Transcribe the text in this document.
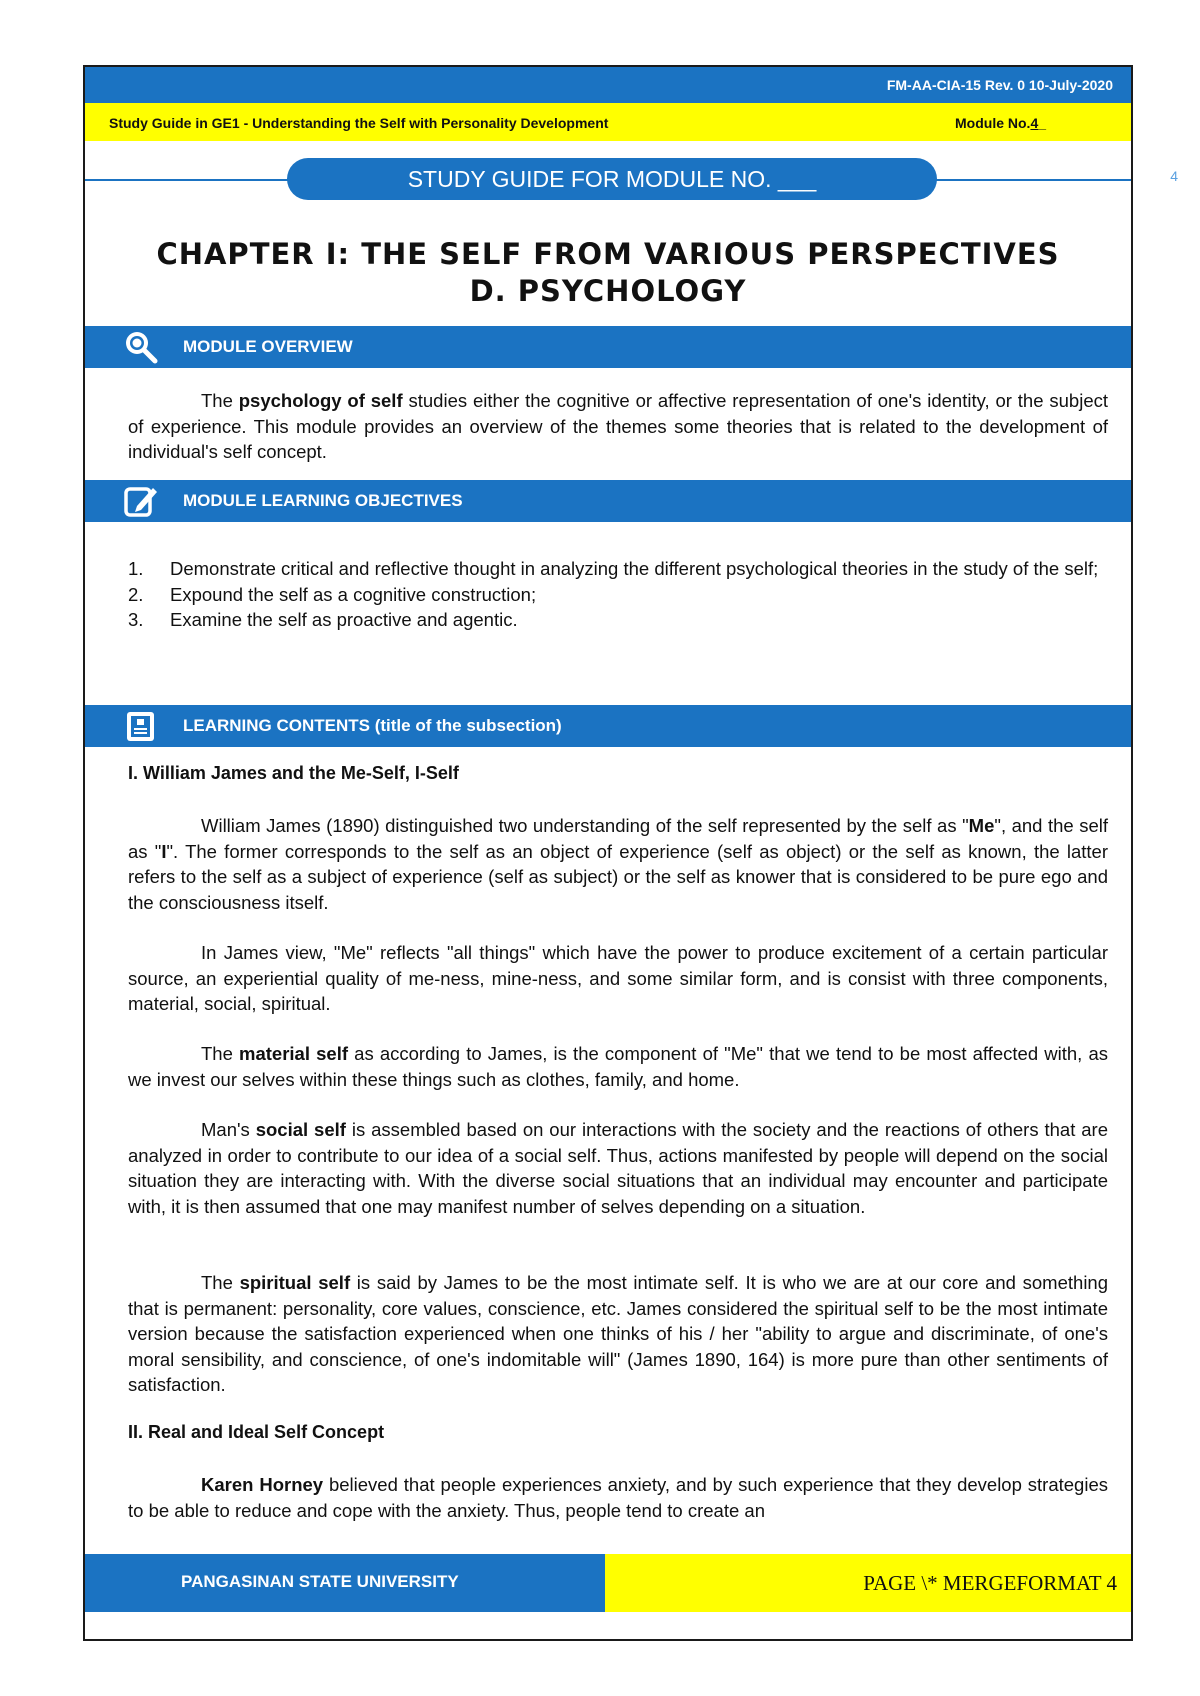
FM-AA-CIA-15 Rev. 0 10-July-2020
Study Guide in GE1 - Understanding the Self with Personality Development	Module No.4_
STUDY GUIDE FOR MODULE NO. ___	4
CHAPTER I: THE SELF FROM VARIOUS PERSPECTIVES
D. PSYCHOLOGY
MODULE OVERVIEW

The psychology of self studies either the cognitive or affective representation of one's identity, or the subject of experience. This module provides an overview of the themes some theories that is related to the development of individual's self concept.

MODULE LEARNING OBJECTIVES
1. Demonstrate critical and reflective thought in analyzing the different psychological theories in the study of the self;
2. Expound the self as a cognitive construction;
3. Examine the self as proactive and agentic.
LEARNING CONTENTS (title of the subsection)

I. William James and the Me-Self, I-Self

William James (1890) distinguished two understanding of the self represented by the self as "Me", and the self as "I". The former corresponds to the self as an object of experience (self as object) or the self as known, the latter refers to the self as a subject of experience (self as subject) or the self as knower that is considered to be pure ego and the consciousness itself.

In James view, "Me" reflects "all things" which have the power to produce excitement of a certain particular source, an experiential quality of me-ness, mine-ness, and some similar form, and is consist with three components, material, social, spiritual.

The material self as according to James, is the component of "Me" that we tend to be most affected with, as we invest our selves within these things such as clothes, family, and home.

Man's social self is assembled based on our interactions with the society and the reactions of others that are analyzed in order to contribute to our idea of a social self. Thus, actions manifested by people will depend on the social situation they are interacting with. With the diverse social situations that an individual may encounter and participate with, it is then assumed that one may manifest number of selves depending on a situation.

The spiritual self is said by James to be the most intimate self. It is who we are at our core and something that is permanent: personality, core values, conscience, etc. James considered the spiritual self to be the most intimate version because the satisfaction experienced when one thinks of his / her "ability to argue and discriminate, of one's moral sensibility, and conscience, of one's indomitable will" (James 1890, 164) is more pure than other sentiments of satisfaction.

II. Real and Ideal Self Concept

Karen Horney believed that people experiences anxiety, and by such experience that they develop strategies to be able to reduce and cope with the anxiety. Thus, people tend to create an

PANGASINAN STATE UNIVERSITY	PAGE \* MERGEFORMAT 4
